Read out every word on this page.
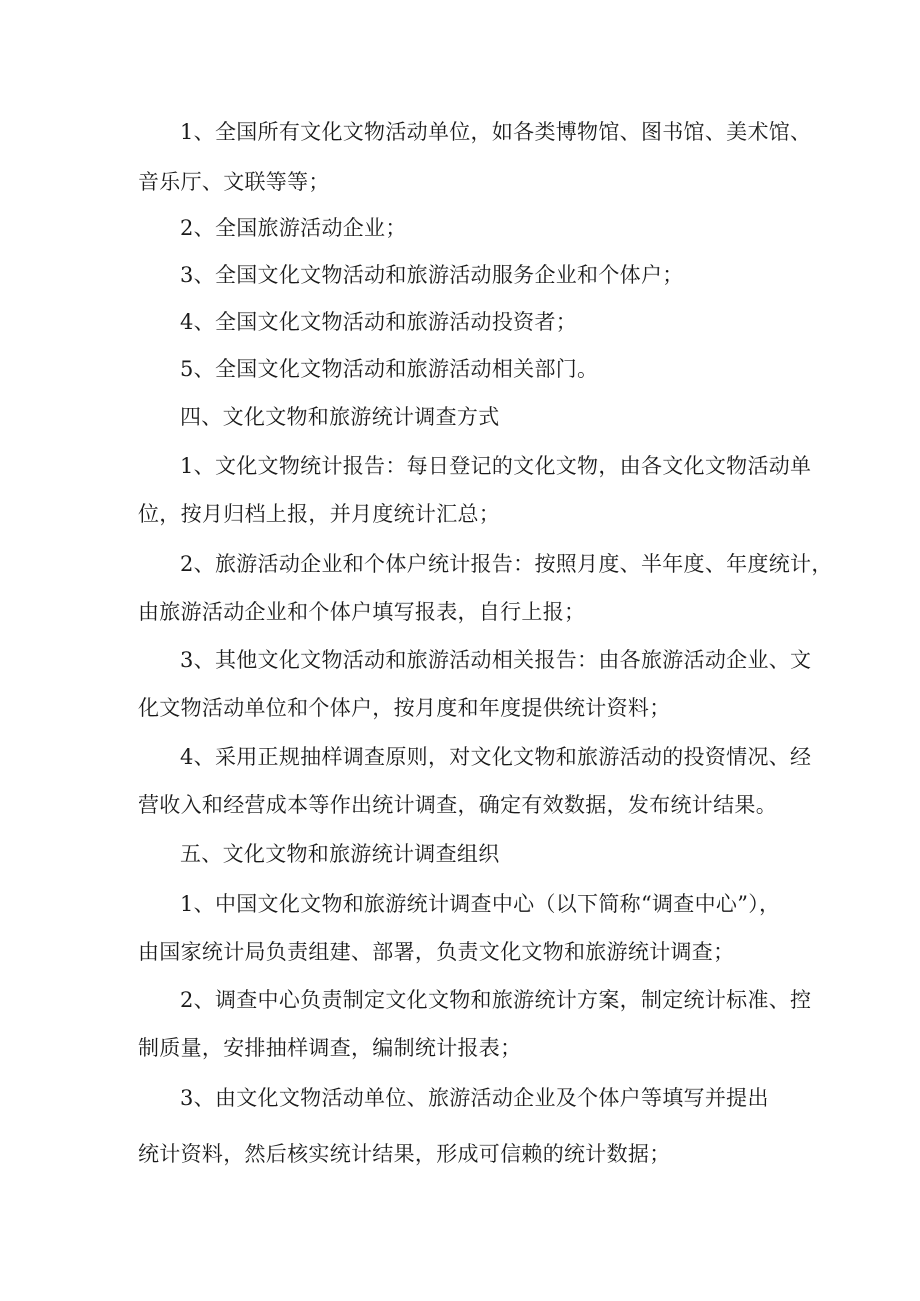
1、全国所有文化文物活动单位，如各类博物馆、图书馆、美术馆、
音乐厅、文联等等；
2、全国旅游活动企业；
3、全国文化文物活动和旅游活动服务企业和个体户；
4、全国文化文物活动和旅游活动投资者；
5、全国文化文物活动和旅游活动相关部门。
四、文化文物和旅游统计调查方式
1、文化文物统计报告：每日登记的文化文物，由各文化文物活动单
位，按月归档上报，并月度统计汇总；
2、旅游活动企业和个体户统计报告：按照月度、半年度、年度统计，
由旅游活动企业和个体户填写报表，自行上报；
3、其他文化文物活动和旅游活动相关报告：由各旅游活动企业、文
化文物活动单位和个体户，按月度和年度提供统计资料；
4、采用正规抽样调查原则，对文化文物和旅游活动的投资情况、经
营收入和经营成本等作出统计调查，确定有效数据，发布统计结果。
五、文化文物和旅游统计调查组织
1、中国文化文物和旅游统计调查中心（以下简称“调查中心”），
由国家统计局负责组建、部署，负责文化文物和旅游统计调查；
2、调查中心负责制定文化文物和旅游统计方案，制定统计标准、控
制质量，安排抽样调查，编制统计报表；
3、由文化文物活动单位、旅游活动企业及个体户等填写并提出
统计资料，然后核实统计结果，形成可信赖的统计数据；
